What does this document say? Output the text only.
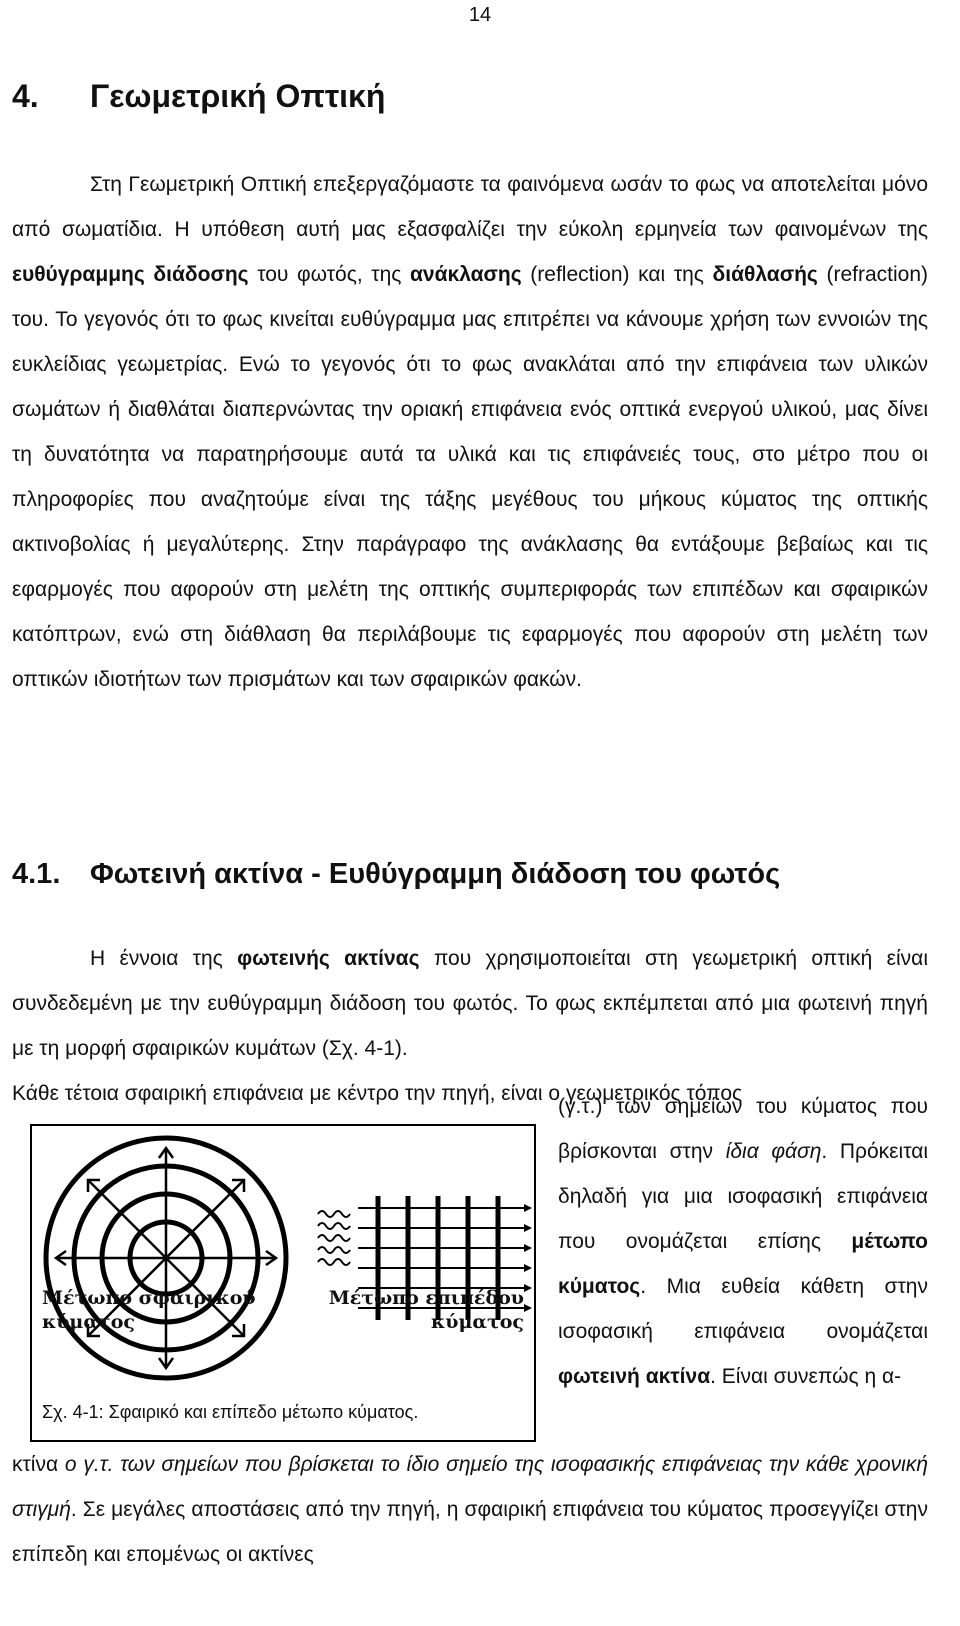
14
4. Γεωμετρική Οπτική

Στη Γεωμετρική Οπτική επεξεργαζόμαστε τα φαινόμενα ωσάν το φως να αποτελείται μόνο από σωματίδια. Η υπόθεση αυτή μας εξασφαλίζει την εύκολη ερμηνεία των φαινομένων της ευθύγραμμης διάδοσης του φωτός, της ανάκλασης (reflection) και της διάθλασής (refraction) του. Το γεγονός ότι το φως κινείται ευθύγραμμα μας επιτρέπει να κάνουμε χρήση των εννοιών της ευκλείδιας γεωμετρίας. Ενώ το γεγονός ότι το φως ανακλάται από την επιφάνεια των υλικών σωμάτων ή διαθλάται διαπερνώντας την οριακή επιφάνεια ενός οπτικά ενεργού υλικού, μας δίνει τη δυνατότητα να παρατηρήσουμε αυτά τα υλικά και τις επιφάνειές τους, στο μέτρο που οι πληροφορίες που αναζητούμε είναι της τάξης μεγέθους του μήκους κύματος της οπτικής ακτινοβολίας ή μεγαλύτερης. Στην παράγραφο της ανάκλασης θα εντάξουμε βεβαίως και τις εφαρμογές που αφορούν στη μελέτη της οπτικής συμπεριφοράς των επιπέδων και σφαιρικών κατόπτρων, ενώ στη διάθλαση θα περιλάβουμε τις εφαρμογές που αφορούν στη μελέτη των οπτικών ιδιοτήτων των πρισμάτων και των σφαιρικών φακών.

4.1. Φωτεινή ακτίνα - Ευθύγραμμη διάδοση του φωτός

Η έννοια της φωτεινής ακτίνας που χρησιμοποιείται στη γεωμετρική οπτική είναι συνδεδεμένη με την ευθύγραμμη διάδοση του φωτός. Το φως εκπέμπεται από μια φωτεινή πηγή με τη μορφή σφαιρικών κυμάτων (Σχ. 4-1).

Κάθε τέτοια σφαιρική επιφάνεια με κέντρο την πηγή, είναι ο γεωμετρικός τόπος

(γ.τ.) των σημείων του κύματος που βρίσκονται στην ίδια φάση. Πρόκειται δηλαδή για μια ισοφασική επιφάνεια που ονομάζεται επίσης μέτωπο κύματος. Μια ευθεία κάθετη στην ισοφασική επιφάνεια ονομάζεται φωτεινή ακτίνα. Είναι συνεπώς η α-

Μέτωπο σφαιρικού
κύματος
Μέτωπο επιπέδου
κύματος
Σχ. 4-1: Σφαιρικό και επίπεδο μέτωπο κύματος.

κτίνα ο γ.τ. των σημείων που βρίσκεται το ίδιο σημείο της ισοφασικής επιφάνειας την κάθε χρονική στιγμή. Σε μεγάλες αποστάσεις από την πηγή, η σφαιρική επιφάνεια του κύματος προσεγγίζει στην επίπεδη και επομένως οι ακτίνες
